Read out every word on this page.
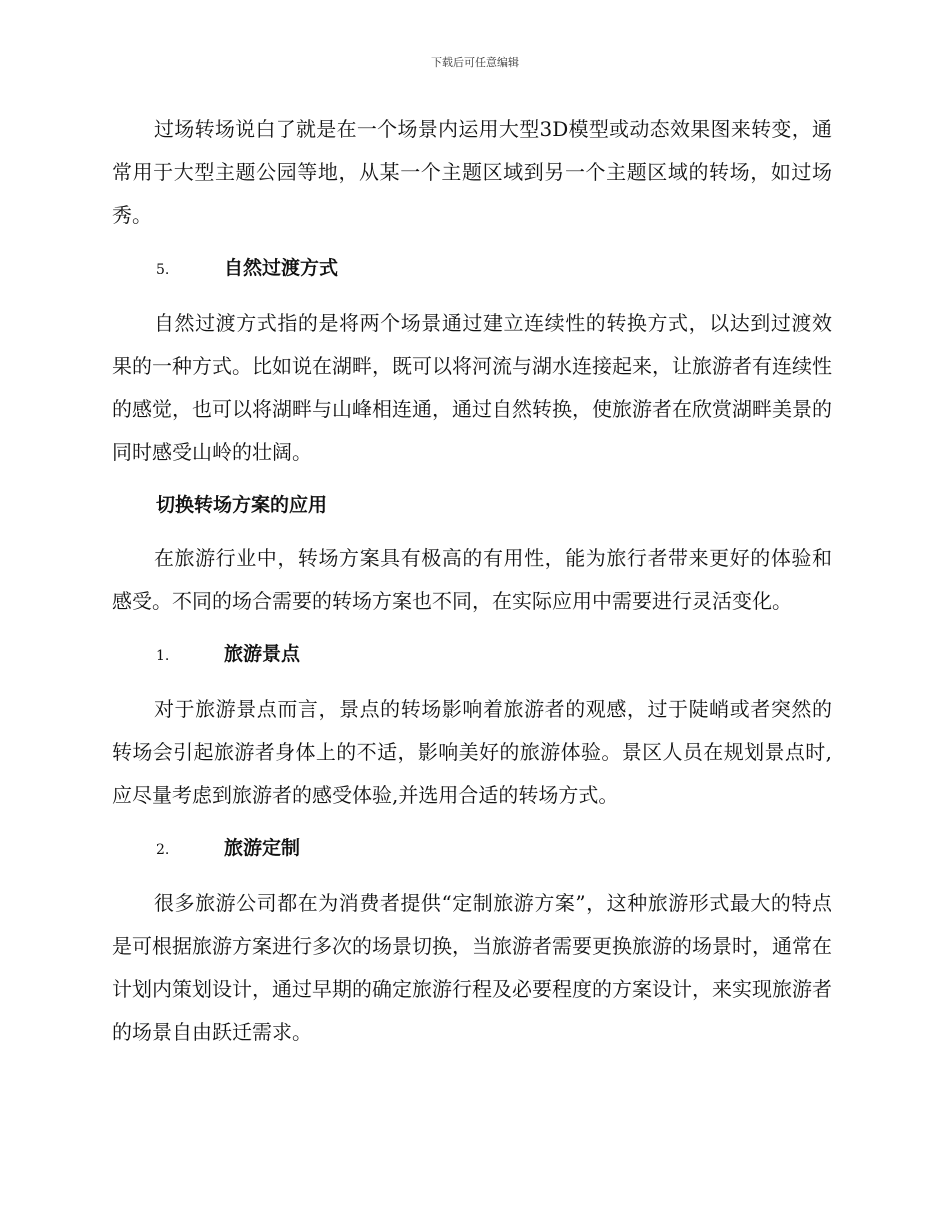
下载后可任意编辑

过场转场说白了就是在一个场景内运用大型3D模型或动态效果图来转变，通常用于大型主题公园等地，从某一个主题区域到另一个主题区域的转场，如过场秀。

5.	自然过渡方式

自然过渡方式指的是将两个场景通过建立连续性的转换方式，以达到过渡效果的一种方式。比如说在湖畔，既可以将河流与湖水连接起来，让旅游者有连续性的感觉，也可以将湖畔与山峰相连通，通过自然转换，使旅游者在欣赏湖畔美景的同时感受山岭的壮阔。

切换转场方案的应用

在旅游行业中，转场方案具有极高的有用性，能为旅行者带来更好的体验和感受。不同的场合需要的转场方案也不同，在实际应用中需要进行灵活变化。

1.	旅游景点

对于旅游景点而言，景点的转场影响着旅游者的观感，过于陡峭或者突然的转场会引起旅游者身体上的不适，影响美好的旅游体验。景区人员在规划景点时,应尽量考虑到旅游者的感受体验,并选用合适的转场方式。

2.	旅游定制

很多旅游公司都在为消费者提供“定制旅游方案”，这种旅游形式最大的特点是可根据旅游方案进行多次的场景切换，当旅游者需要更换旅游的场景时，通常在计划内策划设计，通过早期的确定旅游行程及必要程度的方案设计，来实现旅游者的场景自由跃迁需求。
